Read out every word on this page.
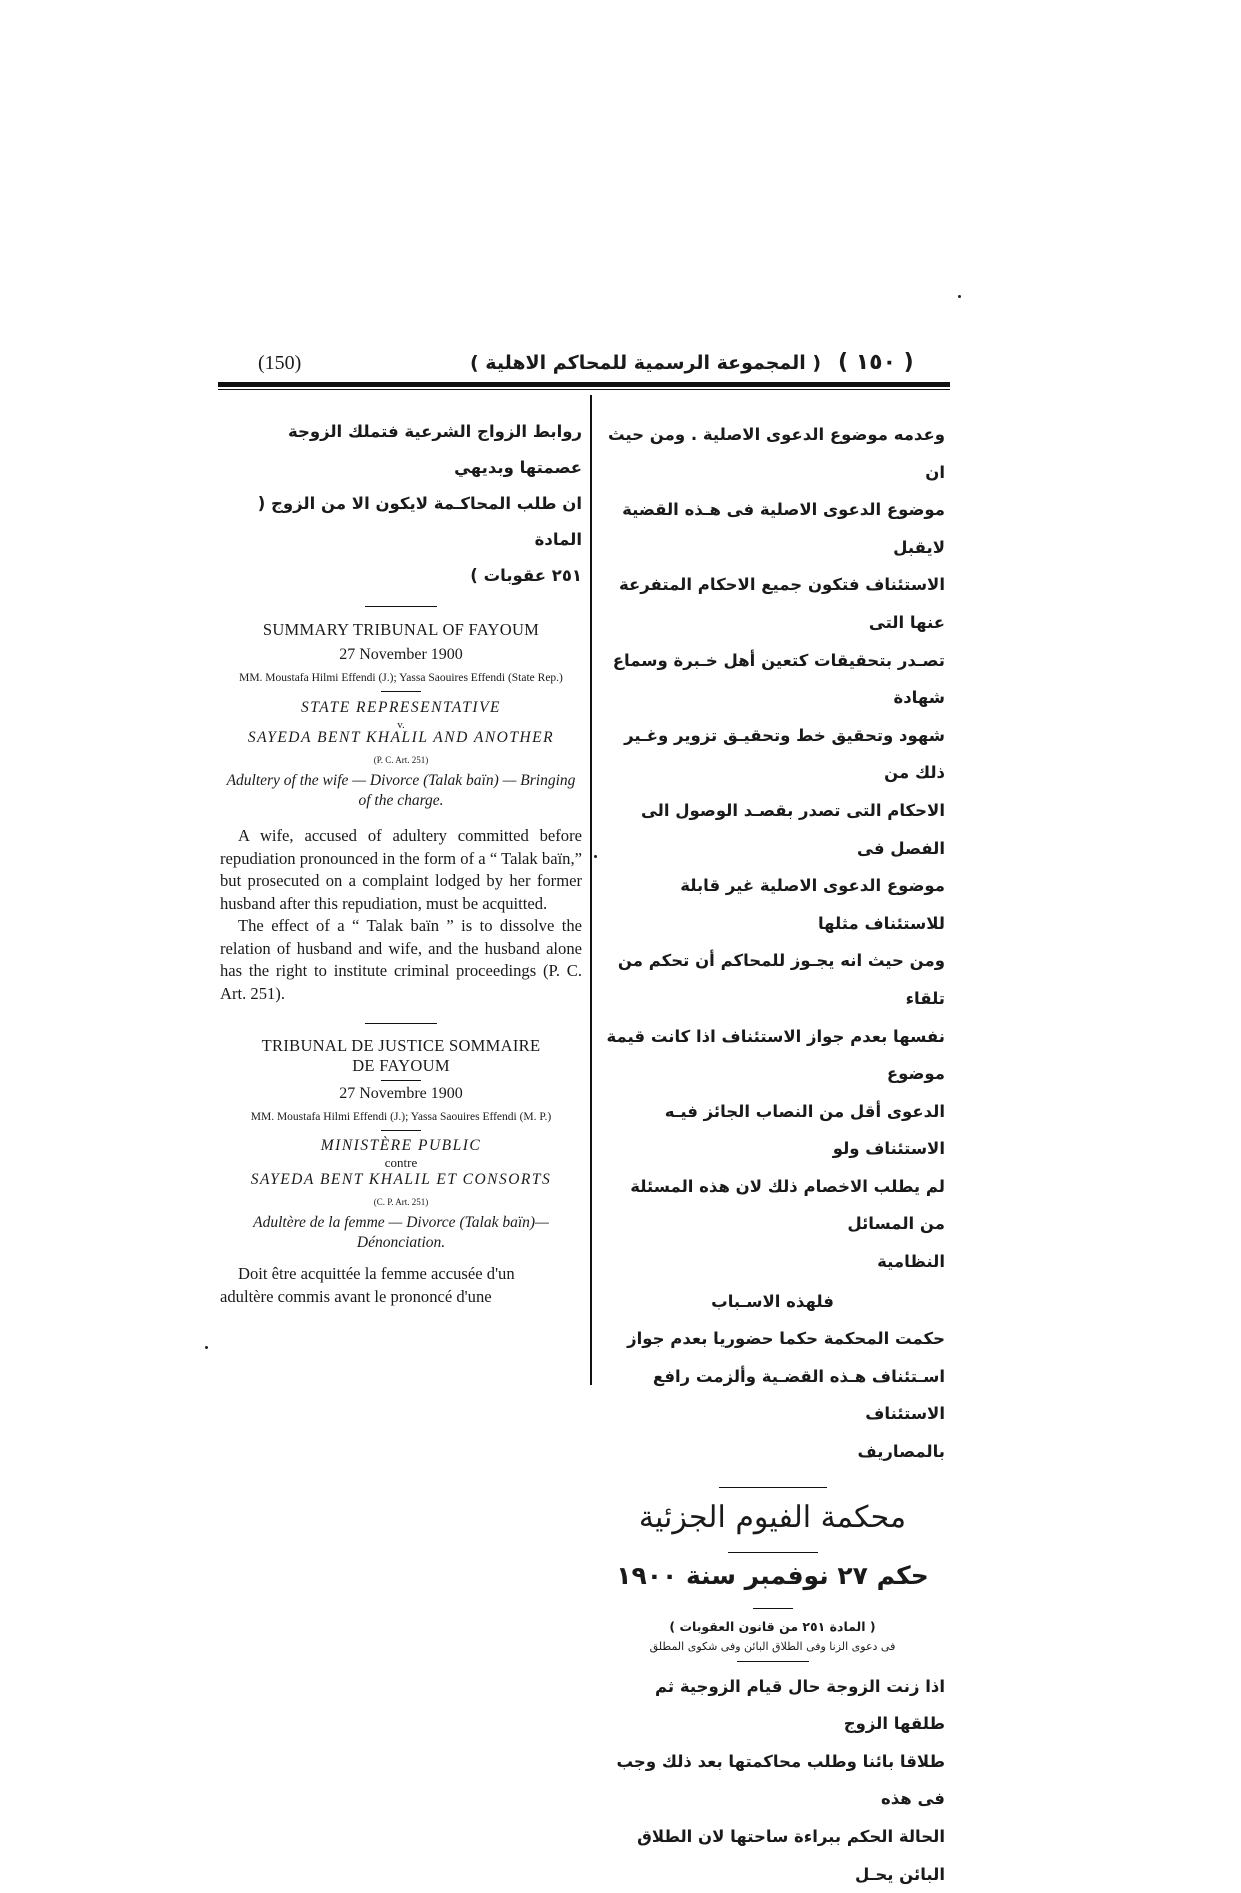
(150)	( المجموعة الرسمية للمحاكم الاهلية ) ( ١٥٠ )
روابط الزواج الشرعية فتملك الزوجة عصمتها وبديهي
ان طلب المحاكـمة لايكون الا من الزوج ( المادة
٢٥١ عقوبات )
SUMMARY TRIBUNAL OF FAYOUM
27 November 1900
MM. Moustafa Hilmi Effendi (J.); Yassa Saouires Effendi (State Rep.)
STATE REPRESENTATIVE
v.
SAYEDA BENT KHALIL AND ANOTHER
(P. C. Art. 251)
Adultery of the wife — Divorce (Talak baïn) — Bringing of the charge.
A wife, accused of adultery committed before repudiation pronounced in the form of a “ Talak baïn,” but prosecuted on a complaint lodged by her former husband after this repudiation, must be acquitted.
The effect of a “ Talak baïn ” is to dissolve the relation of husband and wife, and the husband alone has the right to institute criminal proceedings (P. C. Art. 251).
TRIBUNAL DE JUSTICE SOMMAIRE
DE FAYOUM
27 Novembre 1900
MM. Moustafa Hilmi Effendi (J.); Yassa Saouires Effendi (M. P.)
MINISTÈRE PUBLIC
contre
SAYEDA BENT KHALIL ET CONSORTS
(C. P. Art. 251)
Adultère de la femme — Divorce (Talak baïn)— Dénonciation.
Doit être acquittée la femme accusée d'un
adultère commis avant le prononcé d'une
وعدمه موضوع الدعوى الاصلية . ومن حيث ان
موضوع الدعوى الاصلية فى هـذه القضية لايقبل
الاستئناف فتكون جميع الاحكام المتفرعة عنها التى
تصـدر بتحقيقات كتعين أهل خـبرة وسماع شهادة
شهود وتحقيق خط وتحقيـق تزوير وغـير ذلك من
الاحكام التى تصدر بقصـد الوصول الى الفصل فى
موضوع الدعوى الاصلية غير قابلة للاستئناف مثلها
ومن حيث انه يجـوز للمحاكم أن تحكم من تلقاء
نفسها بعدم جواز الاستئناف اذا كانت قيمة موضوع
الدعوى أقل من النصاب الجائز فيـه الاستئناف ولو
لم يطلب الاخصام ذلك لان هذه المسئلة من المسائل
النظامية
فلهذه الاسـباب
حكمت المحكمة حكما حضوريا بعدم جواز
اسـتئناف هـذه القضـية وألزمت رافع الاستئناف
بالمصاريف
محكمة الفيوم الجزئية
حكم ٢٧ نوفمبر سنة ١٩٠٠
( المادة ٢٥١ من قانون العقوبات )
فى دعوى الزنا وفى الطلاق البائن وفى شكوى المطلق
اذا زنت الزوجة حال قيام الزوجية ثم طلقها الزوج
طلاقا بائنا وطلب محاكمتها بعد ذلك وجب فى هذه
الحالة الحكم ببراءة ساحتها لان الطلاق البائن يحـل
